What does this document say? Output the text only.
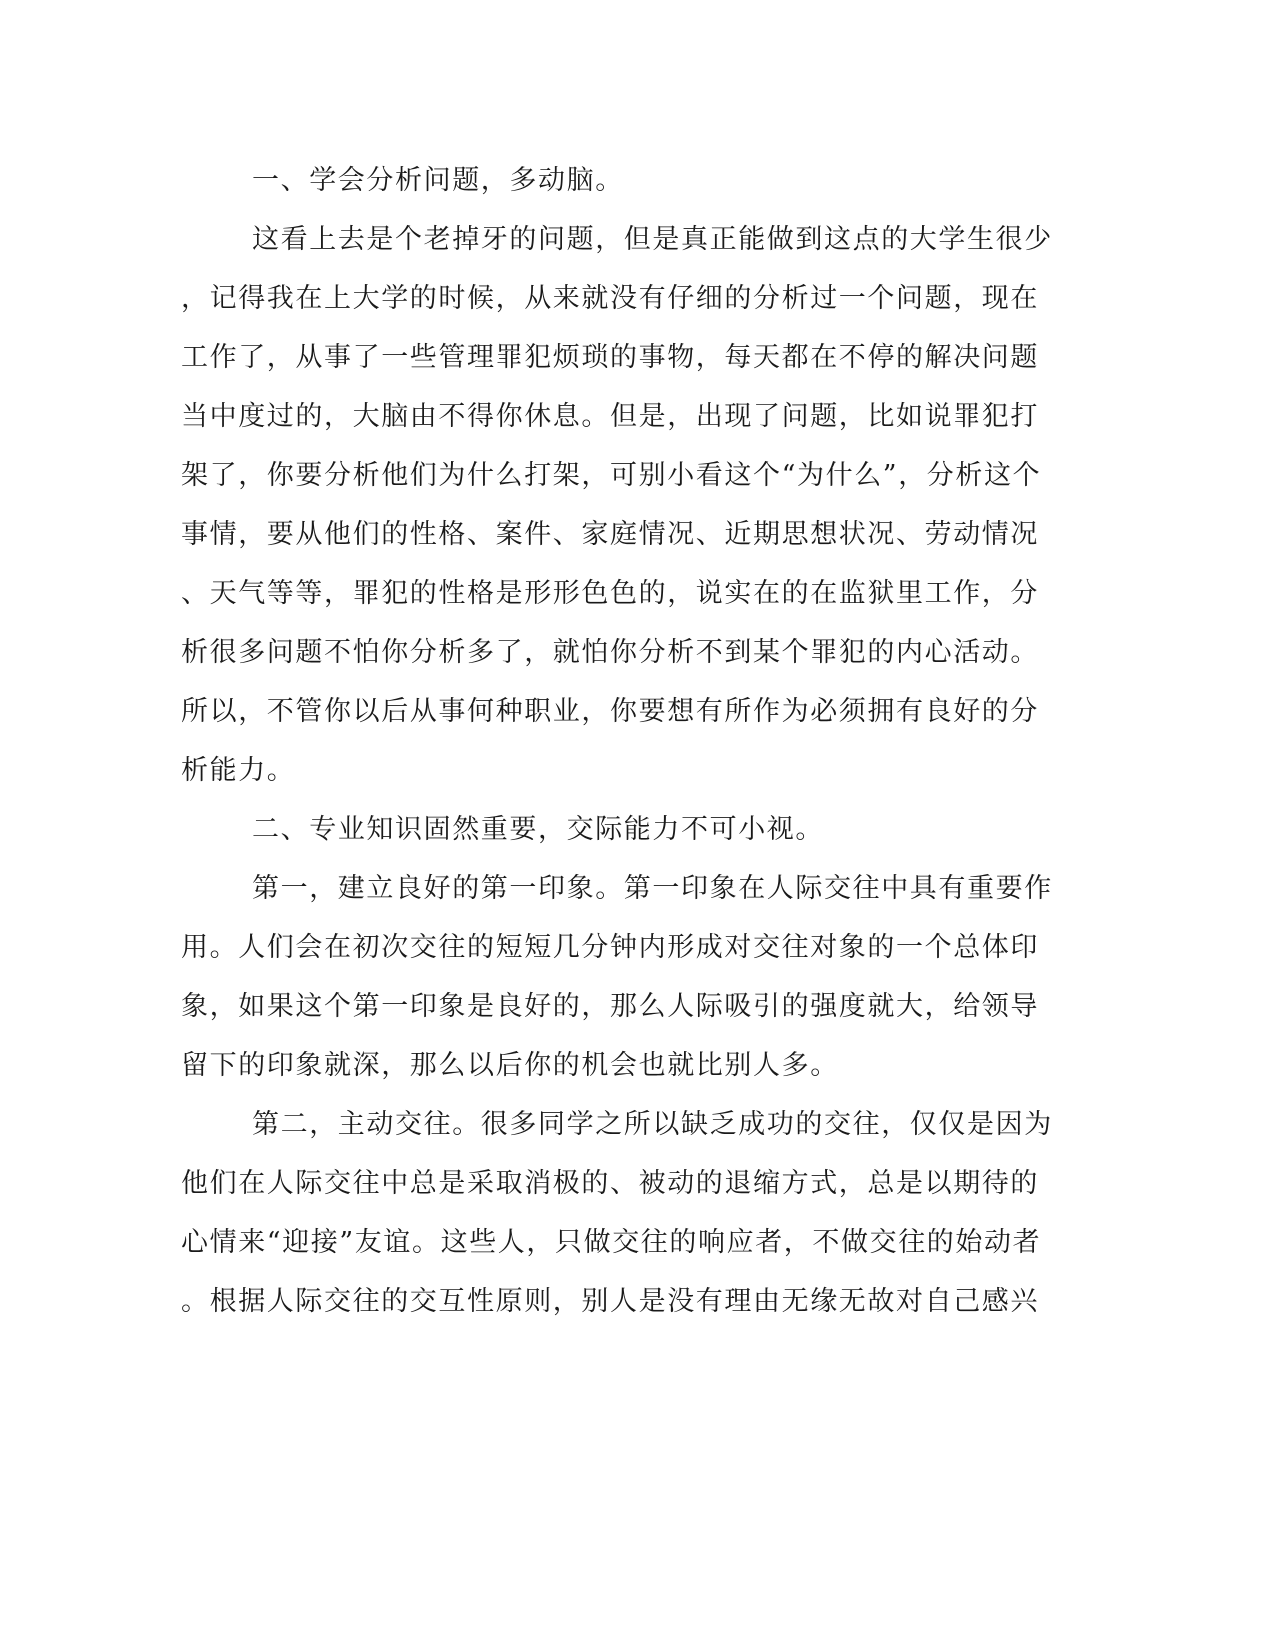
一、学会分析问题，多动脑。
这看上去是个老掉牙的问题，但是真正能做到这点的大学生很少
，记得我在上大学的时候，从来就没有仔细的分析过一个问题，现在
工作了，从事了一些管理罪犯烦琐的事物，每天都在不停的解决问题
当中度过的，大脑由不得你休息。但是，出现了问题，比如说罪犯打
架了，你要分析他们为什么打架，可别小看这个“为什么”，分析这个
事情，要从他们的性格、案件、家庭情况、近期思想状况、劳动情况
、天气等等，罪犯的性格是形形色色的，说实在的在监狱里工作，分
析很多问题不怕你分析多了，就怕你分析不到某个罪犯的内心活动。
所以，不管你以后从事何种职业，你要想有所作为必须拥有良好的分
析能力。
二、专业知识固然重要，交际能力不可小视。
第一，建立良好的第一印象。第一印象在人际交往中具有重要作
用。人们会在初次交往的短短几分钟内形成对交往对象的一个总体印
象，如果这个第一印象是良好的，那么人际吸引的强度就大，给领导
留下的印象就深，那么以后你的机会也就比别人多。
第二，主动交往。很多同学之所以缺乏成功的交往，仅仅是因为
他们在人际交往中总是采取消极的、被动的退缩方式，总是以期待的
心情来“迎接”友谊。这些人，只做交往的响应者，不做交往的始动者
。根据人际交往的交互性原则，别人是没有理由无缘无故对自己感兴
